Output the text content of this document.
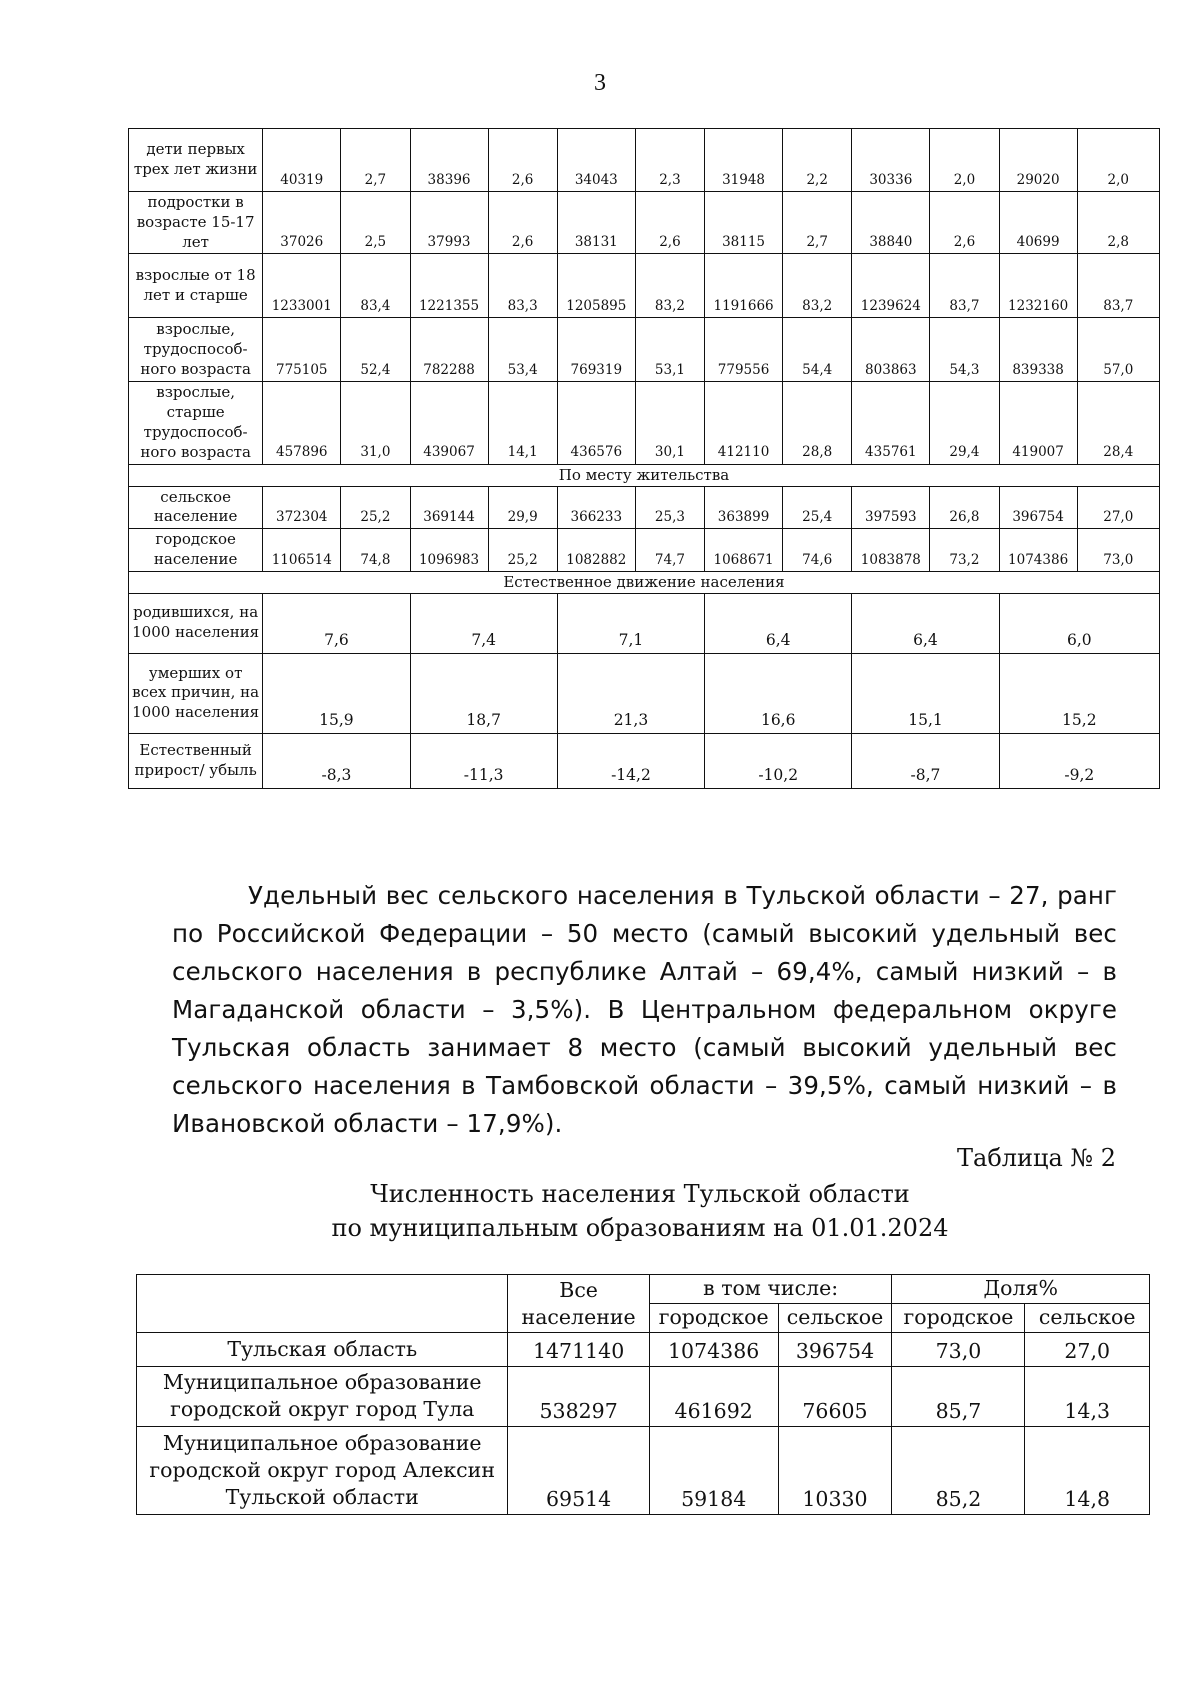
3
дети первых трех лет жизни	40319	2,7	38396	2,6	34043	2,3	31948	2,2	30336	2,0	29020	2,0
подростки в возрасте 15-17 лет	37026	2,5	37993	2,6	38131	2,6	38115	2,7	38840	2,6	40699	2,8
взрослые от 18 лет и старше	1233001	83,4	1221355	83,3	1205895	83,2	1191666	83,2	1239624	83,7	1232160	83,7
взрослые, трудоспособ-ного возраста	775105	52,4	782288	53,4	769319	53,1	779556	54,4	803863	54,3	839338	57,0
взрослые, старше трудоспособ-ного возраста	457896	31,0	439067	14,1	436576	30,1	412110	28,8	435761	29,4	419007	28,4
По месту жительства												
сельское население	372304	25,2	369144	29,9	366233	25,3	363899	25,4	397593	26,8	396754	27,0
городское население	1106514	74,8	1096983	25,2	1082882	74,7	1068671	74,6	1083878	73,2	1074386	73,0
Естественное движение населения												
родившихся, на 1000 населения	7,6		7,4		7,1		6,4		6,4		6,0	
умерших от всех причин, на 1000 населения	15,9		18,7		21,3		16,6		15,1		15,2	
Естественный прирост/ убыль	-8,3		-11,3		-14,2		-10,2		-8,7		-9,2	
Удельный вес сельского населения в Тульской области – 27, ранг по Российской Федерации – 50 место (самый высокий удельный вес сельского населения в республике Алтай – 69,4%, самый низкий – в Магаданской области – 3,5%). В Центральном федеральном округе Тульская область занимает 8 место (самый высокий удельный вес сельского населения в Тамбовской области – 39,5%, самый низкий – в Ивановской области – 17,9%).
Таблица № 2
Численность населения Тульской области
по муниципальным образованиям на 01.01.2024
	Все население	в том числе:		Доля%	
		городское	сельское	городское	сельское
Тульская область	1471140	1074386	396754	73,0	27,0
Муниципальное образование городской округ город Тула	538297	461692	76605	85,7	14,3
Муниципальное образование городской округ город Алексин Тульской области	69514	59184	10330	85,2	14,8
